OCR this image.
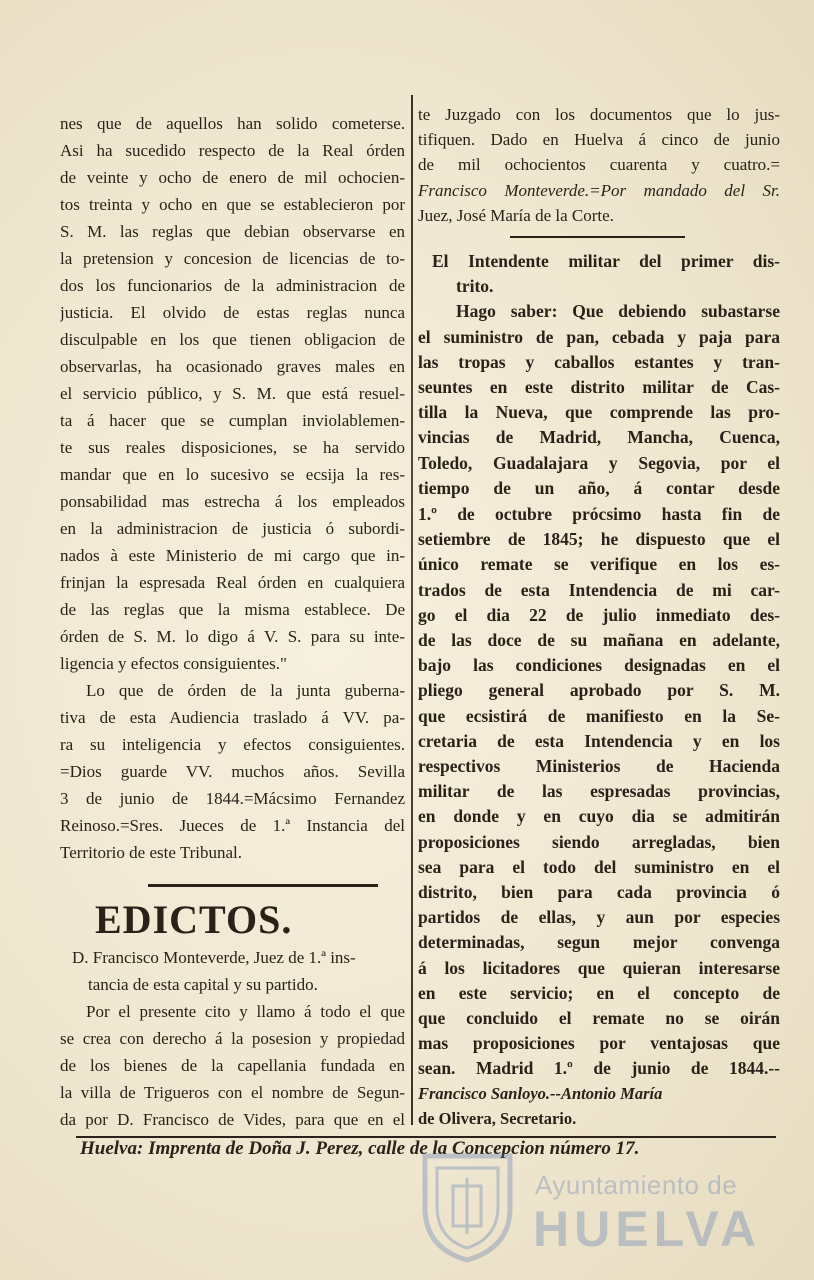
nes que de aquellos han solido cometerse.
Asi ha sucedido respecto de la Real órden
de veinte y ocho de enero de mil ochocien-
tos treinta y ocho en que se establecieron por
S. M. las reglas que debian observarse en
la pretension y concesion de licencias de to-
dos los funcionarios de la administracion de
justicia. El olvido de estas reglas nunca
disculpable en los que tienen obligacion de
observarlas, ha ocasionado graves males en
el servicio público, y S. M. que está resuel-
ta á hacer que se cumplan inviolablemen-
te sus reales disposiciones, se ha servido
mandar que en lo sucesivo se ecsija la res-
ponsabilidad mas estrecha á los empleados
en la administracion de justicia ó subordi-
nados à este Ministerio de mi cargo que in-
frinjan la espresada Real órden en cualquiera
de las reglas que la misma establece. De
órden de S. M. lo digo á V. S. para su inte-
ligencia y efectos consiguientes."
Lo que de órden de la junta guberna-
tiva de esta Audiencia traslado á VV. pa-
ra su inteligencia y efectos consiguientes.
=Dios guarde VV. muchos años. Sevilla
3 de junio de 1844.=Mácsimo Fernandez
Reinoso.=Sres. Jueces de 1.ª Instancia del
Territorio de este Tribunal.
D. Francisco Monteverde, Juez de 1.ª ins-
tancia de esta capital y su partido.
Por el presente cito y llamo á todo el que
se crea con derecho á la posesion y propiedad
de los bienes de la capellania fundada en
la villa de Trigueros con el nombre de Segun-
da por D. Francisco de Vides, para que en el
EDICTOS.
te Juzgado con los documentos que lo jus-
tifiquen. Dado en Huelva á cinco de junio
de mil ochocientos cuarenta y cuatro.=
Francisco Monteverde.=Por mandado del Sr.
Juez, José María de la Corte.
El Intendente militar del primer dis-
trito.
Hago saber: Que debiendo subastarse
el suministro de pan, cebada y paja para
las tropas y caballos estantes y tran-
seuntes en este distrito militar de Cas-
tilla la Nueva, que comprende las pro-
vincias de Madrid, Mancha, Cuenca,
Toledo, Guadalajara y Segovia, por el
tiempo de un año, á contar desde
1.º de octubre prócsimo hasta fin de
setiembre de 1845; he dispuesto que el
único remate se verifique en los es-
trados de esta Intendencia de mi car-
go el dia 22 de julio inmediato des-
de las doce de su mañana en adelante,
bajo las condiciones designadas en el
pliego general aprobado por S. M.
que ecsistirá de manifiesto en la Se-
cretaria de esta Intendencia y en los
respectivos Ministerios de Hacienda
militar de las espresadas provincias,
en donde y en cuyo dia se admitirán
proposiciones siendo arregladas, bien
sea para el todo del suministro en el
distrito, bien para cada provincia ó
partidos de ellas, y aun por especies
determinadas, segun mejor convenga
á los licitadores que quieran interesarse
en este servicio; en el concepto de
que concluido el remate no se oirán
mas proposiciones por ventajosas que
sean. Madrid 1.º de junio de 1844.--
Francisco Sanloyo.--Antonio María
de Olivera, Secretario.
Huelva: Imprenta de Doña J. Perez, calle de la Concepcion número 17.
Ayuntamiento de
HUELVA
